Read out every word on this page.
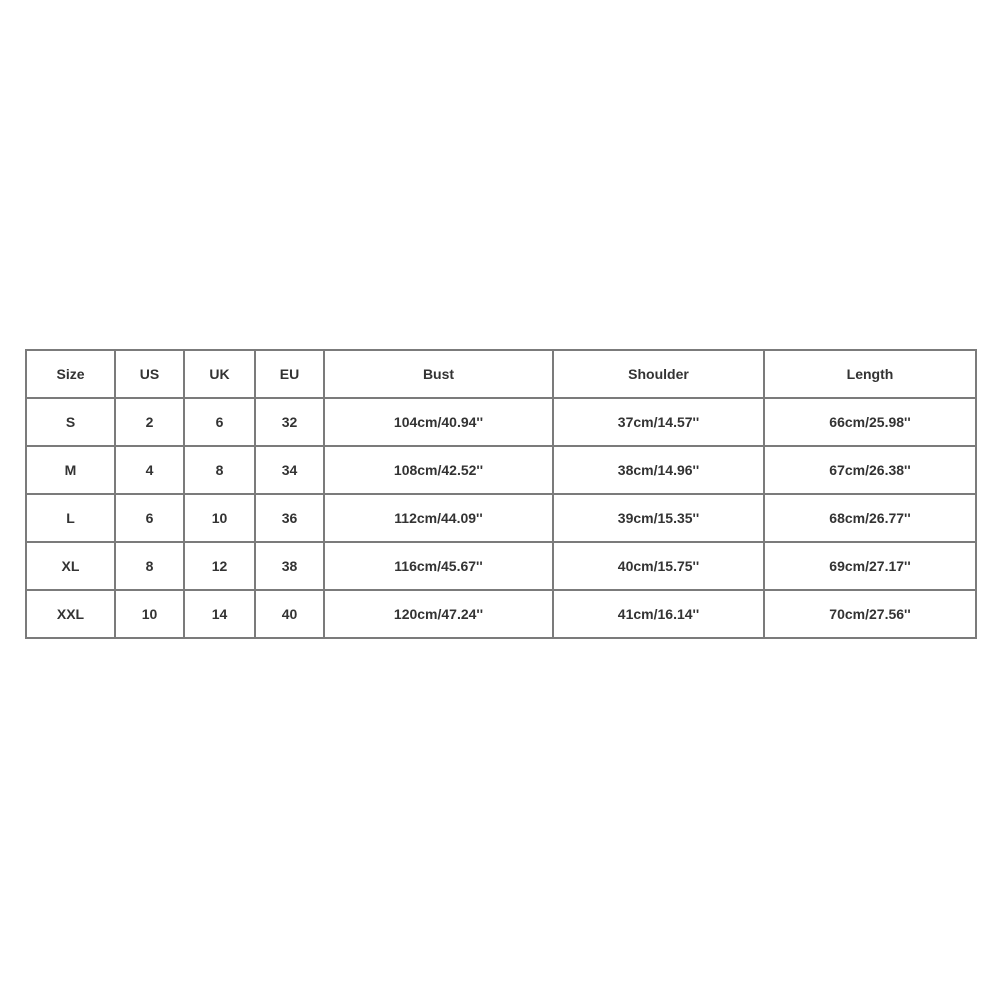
Size	US	UK	EU	Bust	Shoulder	Length
S	2	6	32	104cm/40.94''	37cm/14.57''	66cm/25.98''
M	4	8	34	108cm/42.52''	38cm/14.96''	67cm/26.38''
L	6	10	36	112cm/44.09''	39cm/15.35''	68cm/26.77''
XL	8	12	38	116cm/45.67''	40cm/15.75''	69cm/27.17''
XXL	10	14	40	120cm/47.24''	41cm/16.14''	70cm/27.56''
